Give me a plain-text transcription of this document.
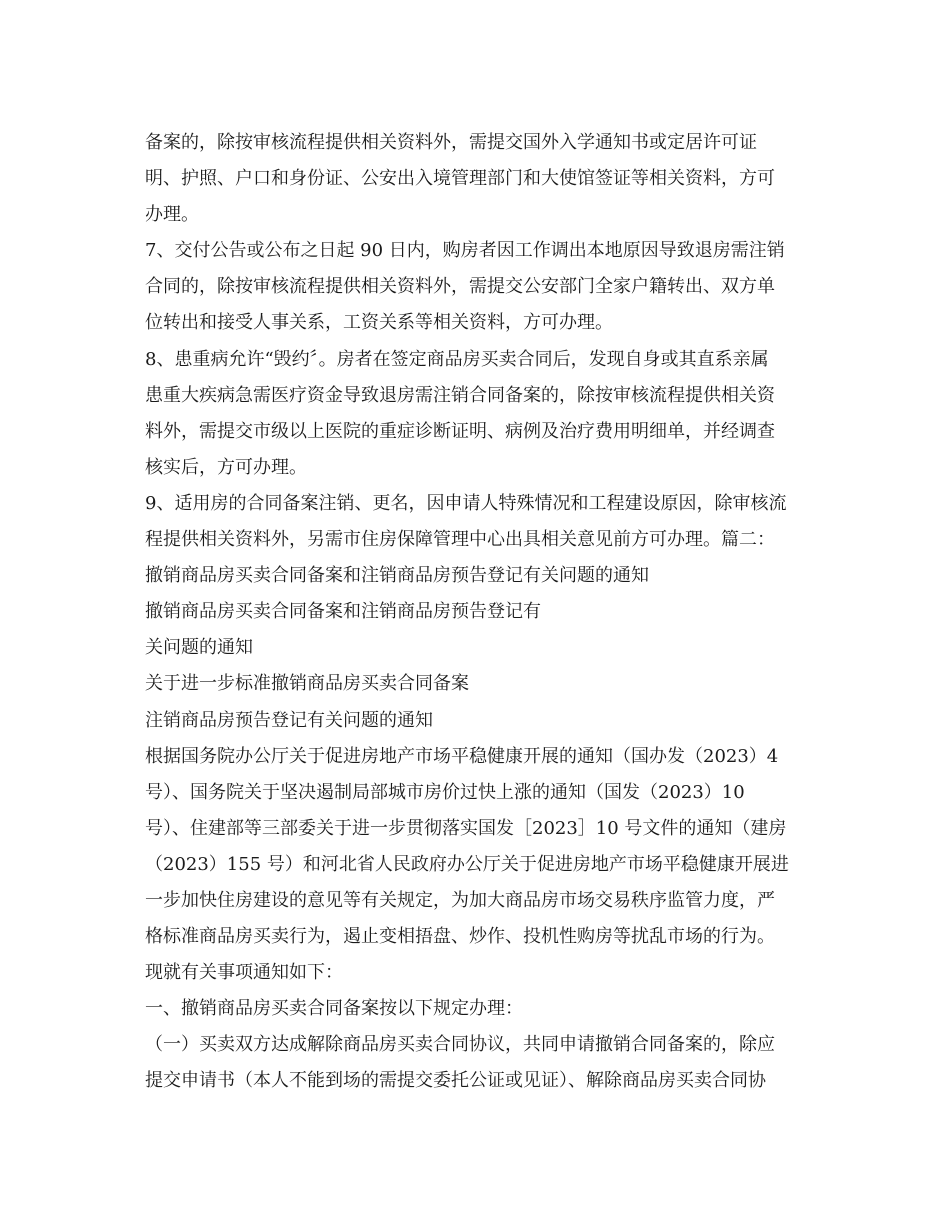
备案的，除按审核流程提供相关资料外，需提交国外入学通知书或定居许可证
明、护照、户口和身份证、公安出入境管理部门和大使馆签证等相关资料，方可
办理。
7、交付公告或公布之日起 90 日内，购房者因工作调出本地原因导致退房需注销
合同的，除按审核流程提供相关资料外，需提交公安部门全家户籍转出、双方单
位转出和接受人事关系，工资关系等相关资料，方可办理。
8、患重病允许“毁约〞。房者在签定商品房买卖合同后，发现自身或其直系亲属
患重大疾病急需医疗资金导致退房需注销合同备案的，除按审核流程提供相关资
料外，需提交市级以上医院的重症诊断证明、病例及治疗费用明细单，并经调查
核实后，方可办理。
9、适用房的合同备案注销、更名，因申请人特殊情况和工程建设原因，除审核流
程提供相关资料外，另需市住房保障管理中心出具相关意见前方可办理。篇二：
撤销商品房买卖合同备案和注销商品房预告登记有关问题的通知
撤销商品房买卖合同备案和注销商品房预告登记有
关问题的通知
关于进一步标准撤销商品房买卖合同备案
注销商品房预告登记有关问题的通知
根据国务院办公厅关于促进房地产市场平稳健康开展的通知（国办发（2023）4
号）、国务院关于坚决遏制局部城市房价过快上涨的通知（国发（2023）10
号）、住建部等三部委关于进一步贯彻落实国发［2023］10 号文件的通知（建房
（2023）155 号）和河北省人民政府办公厅关于促进房地产市场平稳健康开展进
一步加快住房建设的意见等有关规定，为加大商品房市场交易秩序监管力度，严
格标准商品房买卖行为，遏止变相捂盘、炒作、投机性购房等扰乱市场的行为。
现就有关事项通知如下：
一、撤销商品房买卖合同备案按以下规定办理：
（一）买卖双方达成解除商品房买卖合同协议，共同申请撤销合同备案的，除应
提交申请书（本人不能到场的需提交委托公证或见证）、解除商品房买卖合同协
